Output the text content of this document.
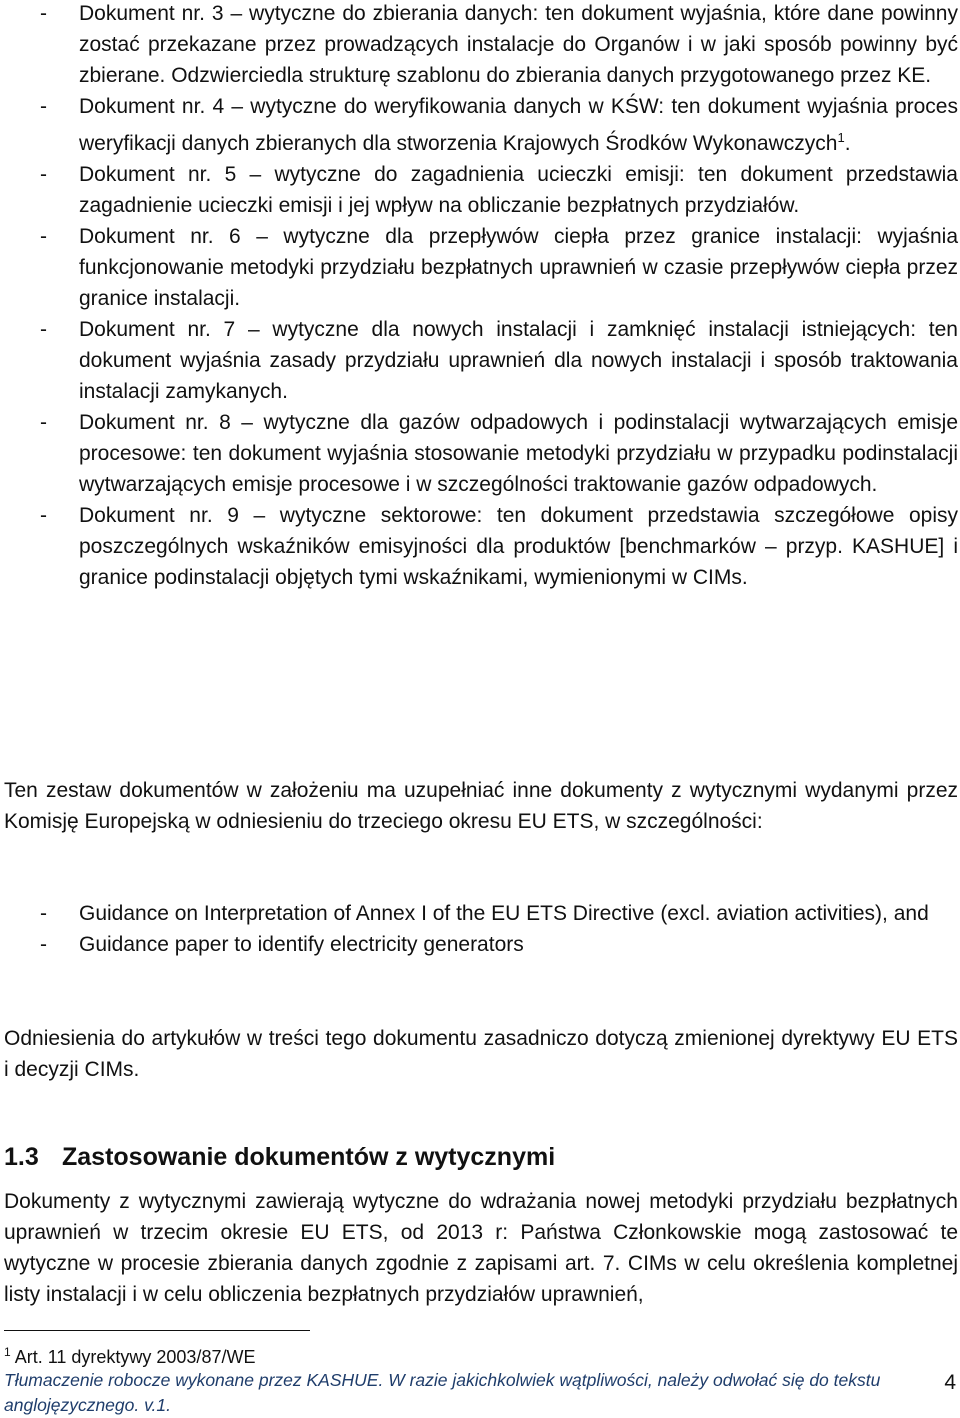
- Dokument nr. 3 – wytyczne do zbierania danych: ten dokument wyjaśnia, które dane powinny zostać przekazane przez prowadzących instalacje do Organów i w jaki sposób powinny być zbierane. Odzwierciedla strukturę szablonu do zbierania danych przygotowanego przez KE.
- Dokument nr. 4 – wytyczne do weryfikowania danych w KŚW: ten dokument wyjaśnia proces weryfikacji danych zbieranych dla stworzenia Krajowych Środków Wykonawczych$^1$.
- Dokument nr. 5 – wytyczne do zagadnienia ucieczki emisji: ten dokument przedstawia zagadnienie ucieczki emisji i jej wpływ na obliczanie bezpłatnych przydziałów.
- Dokument nr. 6 – wytyczne dla przepływów ciepła przez granice instalacji: wyjaśnia funkcjonowanie metodyki przydziału bezpłatnych uprawnień w czasie przepływów ciepła przez granice instalacji.
- Dokument nr. 7 – wytyczne dla nowych instalacji i zamknięć instalacji istniejących: ten dokument wyjaśnia zasady przydziału uprawnień dla nowych instalacji i sposób traktowania instalacji zamykanych.
- Dokument nr. 8 – wytyczne dla gazów odpadowych i podinstalacji wytwarzających emisje procesowe: ten dokument wyjaśnia stosowanie metodyki przydziału w przypadku podinstalacji wytwarzających emisje procesowe i w szczególności traktowanie gazów odpadowych.
- Dokument nr. 9 – wytyczne sektorowe: ten dokument przedstawia szczegółowe opisy poszczególnych wskaźników emisyjności dla produktów [benchmarków – przyp. KASHUE] i granice podinstalacji objętych tymi wskaźnikami, wymienionymi w CIMs.

Ten zestaw dokumentów w założeniu ma uzupełniać inne dokumenty z wytycznymi wydanymi przez Komisję Europejską w odniesieniu do trzeciego okresu EU ETS, w szczególności:

- Guidance on Interpretation of Annex I of the EU ETS Directive (excl. aviation activities), and
- Guidance paper to identify electricity generators

Odniesienia do artykułów w treści tego dokumentu zasadniczo dotyczą zmienionej dyrektywy EU ETS i decyzji CIMs.

1.3 Zastosowanie dokumentów z wytycznymi

Dokumenty z wytycznymi zawierają wytyczne do wdrażania nowej metodyki przydziału bezpłatnych uprawnień w trzecim okresie EU ETS, od 2013 r: Państwa Członkowskie mogą zastosować te wytyczne w procesie zbierania danych zgodnie z zapisami art. 7. CIMs w celu określenia kompletnej listy instalacji i w celu obliczenia bezpłatnych przydziałów uprawnień,

$^1$ Art. 11 dyrektywy 2003/87/WE
Tłumaczenie robocze wykonane przez KASHUE. W razie jakichkolwiek wątpliwości, należy odwołać się do tekstu anglojęzycznego. v.1.
4
